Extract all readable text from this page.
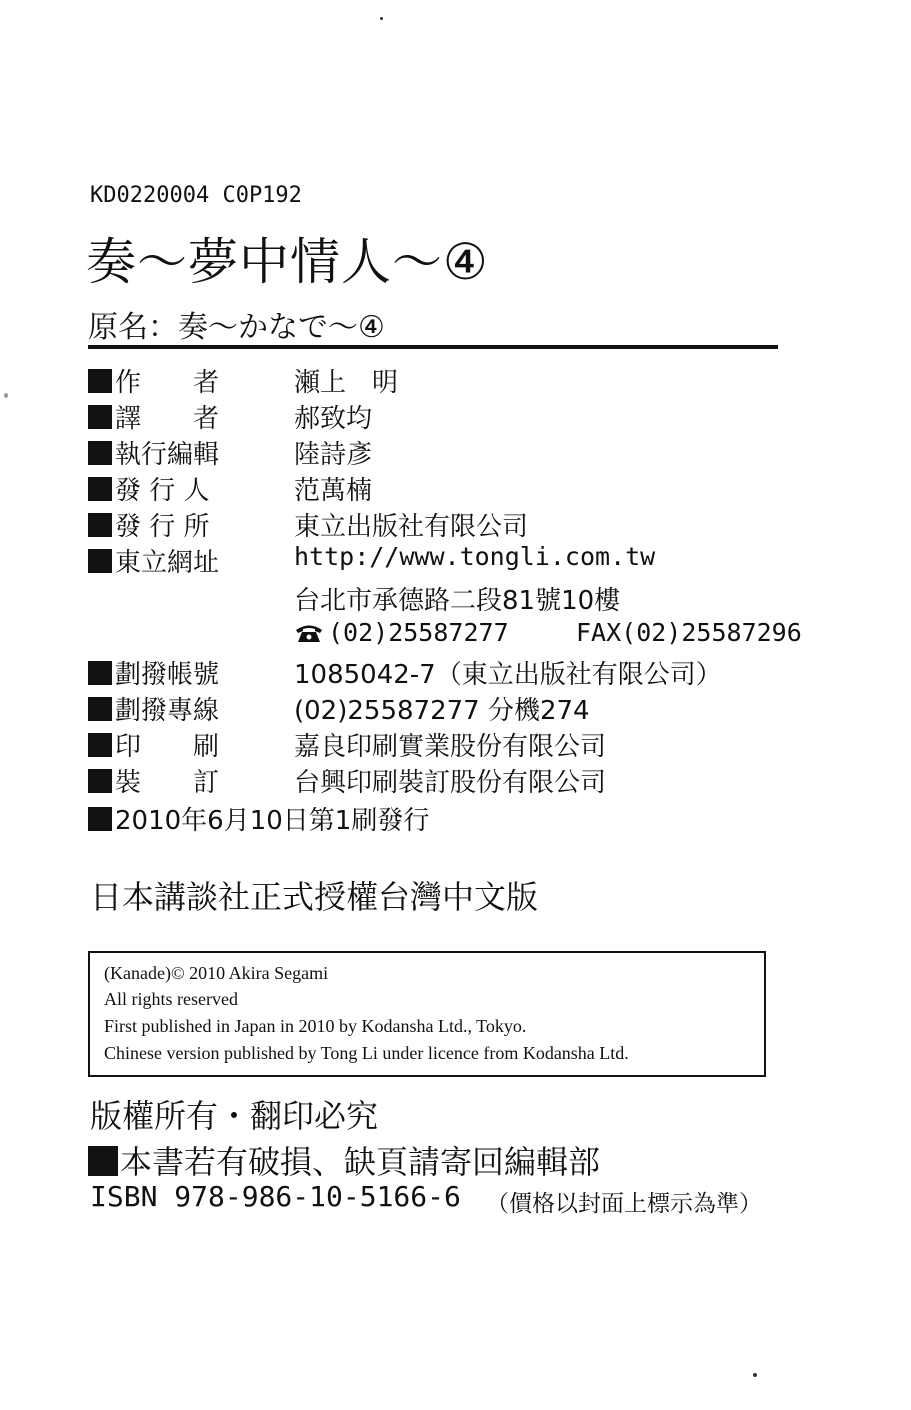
KD0220004 C0P192
奏～夢中情人～④
原名：奏～かなで～④
作　　者	瀬上　明
譯　　者	郝致均
執行編輯	陸詩彥
發 行 人	范萬楠
發 行 所	東立出版社有限公司
東立網址	http://www.tongli.com.tw
台北市承德路二段81號10樓
(02)25587277	FAX(02)25587296
劃撥帳號	1085042-7（東立出版社有限公司）
劃撥專線	(02)25587277 分機274
印　　刷	嘉良印刷實業股份有限公司
裝　　訂	台興印刷裝訂股份有限公司
2010年6月10日第1刷發行
日本講談社正式授權台灣中文版

(Kanade)© 2010 Akira Segami

All rights reserved

First published in Japan in 2010 by Kodansha Ltd., Tokyo.

Chinese version published by Tong Li under licence from Kodansha Ltd.

版權所有・翻印必究
本書若有破損、缺頁請寄回編輯部
ISBN 978-986-10-5166-6 （價格以封面上標示為準）
